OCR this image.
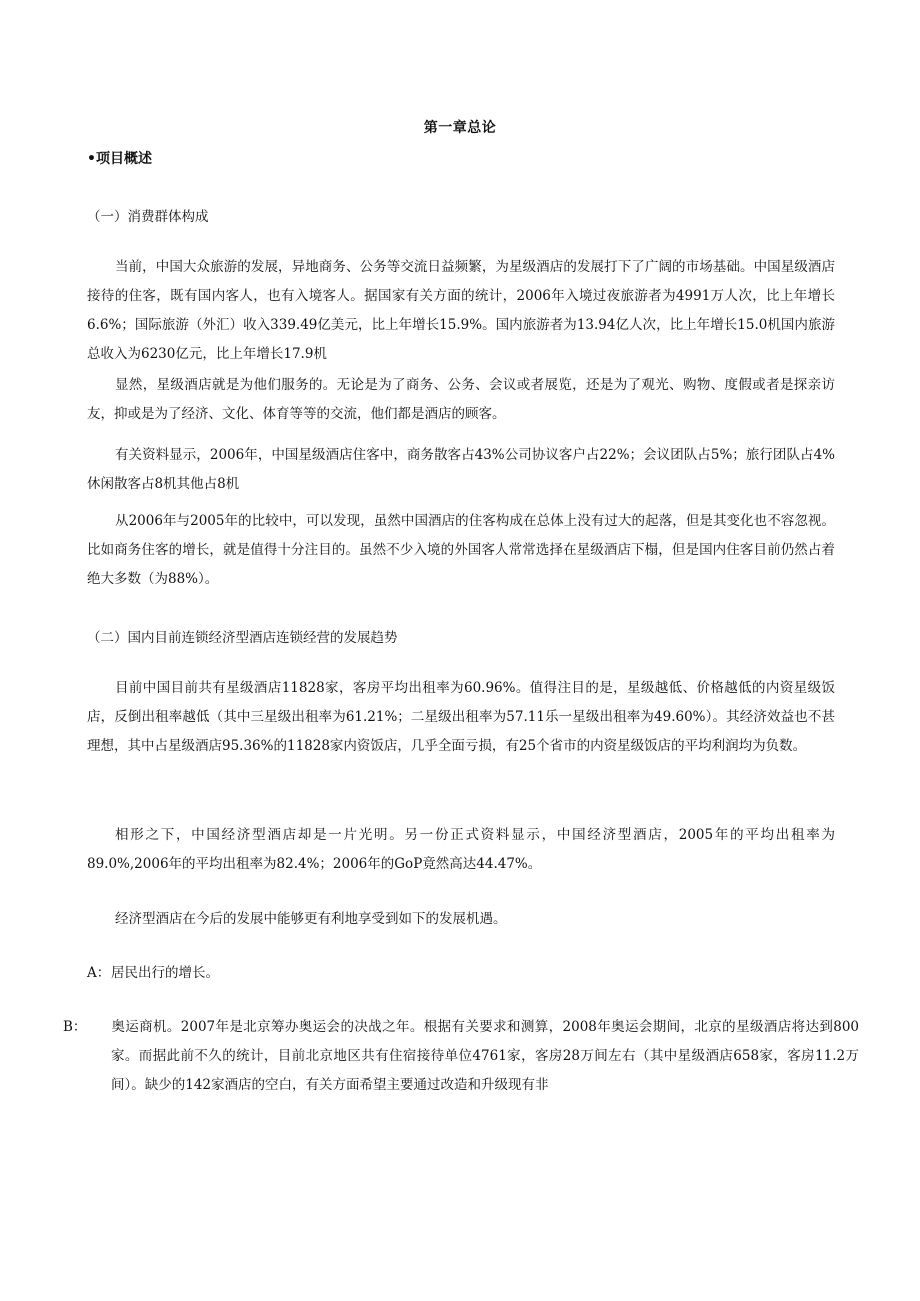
第一章总论
•项目概述
（一）消费群体构成
当前，中国大众旅游的发展，异地商务、公务等交流日益频繁，为星级酒店的发展打下了广阔的市场基础。中国星级酒店接待的住客，既有国内客人，也有入境客人。据国家有关方面的统计，2006年入境过夜旅游者为4991万人次，比上年增长6.6%；国际旅游（外汇）收入339.49亿美元，比上年增长15.9%。国内旅游者为13.94亿人次，比上年增长15.0机国内旅游总收入为6230亿元，比上年增长17.9机
显然，星级酒店就是为他们服务的。无论是为了商务、公务、会议或者展览，还是为了观光、购物、度假或者是探亲访友，抑或是为了经济、文化、体育等等的交流，他们都是酒店的顾客。
有关资料显示，2006年，中国星级酒店住客中，商务散客占43%公司协议客户占22%；会议团队占5%；旅行团队占4%休闲散客占8机其他占8机
从2006年与2005年的比较中，可以发现，虽然中国酒店的住客构成在总体上没有过大的起落，但是其变化也不容忽视。比如商务住客的增长，就是值得十分注目的。虽然不少入境的外国客人常常选择在星级酒店下榻，但是国内住客目前仍然占着绝大多数（为88%）。
（二）国内目前连锁经济型酒店连锁经营的发展趋势
目前中国目前共有星级酒店11828家，客房平均出租率为60.96%。值得注目的是，星级越低、价格越低的内资星级饭店，反倒出租率越低（其中三星级出租率为61.21%；二星级出租率为57.11乐一星级出租率为49.60%）。其经济效益也不甚理想，其中占星级酒店95.36%的11828家内资饭店，几乎全面亏损，有25个省市的内资星级饭店的平均利润均为负数。
相形之下，中国经济型酒店却是一片光明。另一份正式资料显示，中国经济型酒店，2005年的平均出租率为89.0%,2006年的平均出租率为82.4%；2006年的GoP竟然高达44.47%。
经济型酒店在今后的发展中能够更有利地享受到如下的发展机遇。
A：居民出行的增长。
B： 奥运商机。2007年是北京筹办奥运会的决战之年。根据有关要求和测算，2008年奥运会期间，北京的星级酒店将达到800家。而据此前不久的统计，目前北京地区共有住宿接待单位4761家，客房28万间左右（其中星级酒店658家，客房11.2万间）。缺少的142家酒店的空白，有关方面希望主要通过改造和升级现有非
